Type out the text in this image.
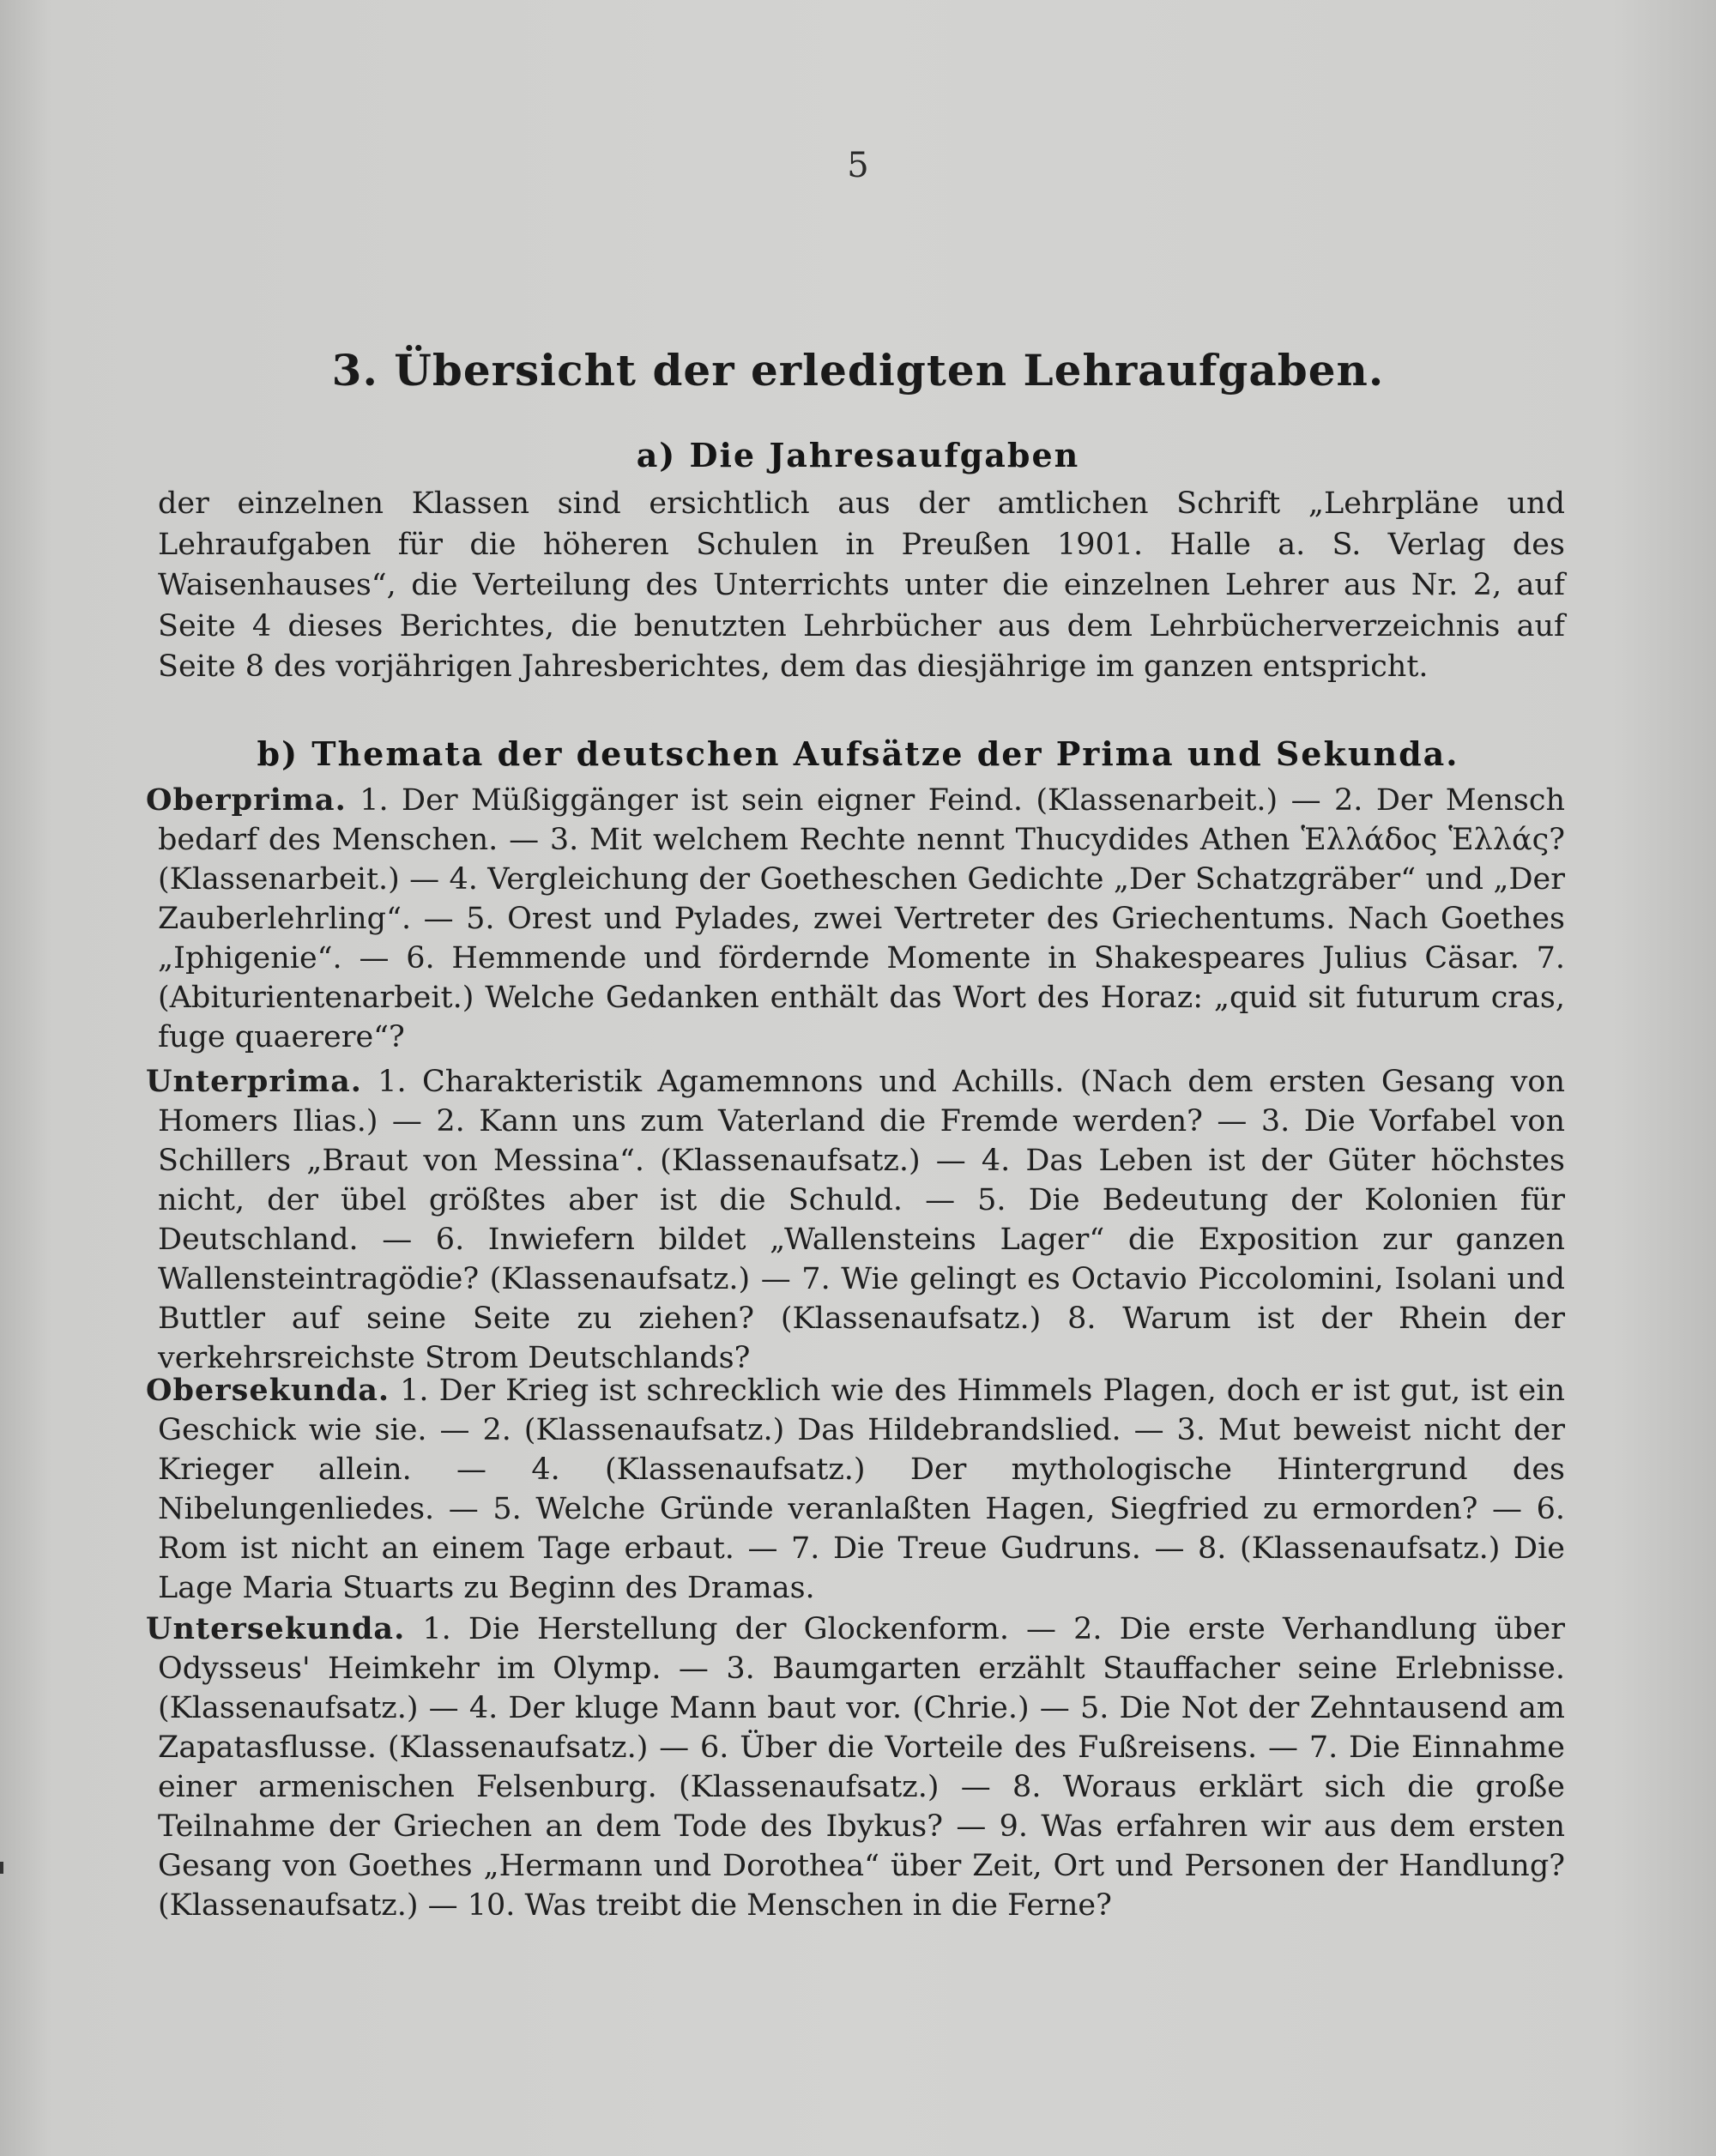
5
3. Übersicht der erledigten Lehraufgaben.
a) Die Jahresaufgaben
der einzelnen Klassen sind ersichtlich aus der amtlichen Schrift „Lehrpläne und Lehraufgaben für die höheren Schulen in Preußen 1901. Halle a. S. Verlag des Waisenhauses“, die Verteilung des Unterrichts unter die einzelnen Lehrer aus Nr. 2, auf Seite 4 dieses Berichtes, die benutzten Lehrbücher aus dem Lehrbücherverzeichnis auf Seite 8 des vorjährigen Jahresberichtes, dem das diesjährige im ganzen entspricht.
b) Themata der deutschen Aufsätze der Prima und Sekunda.
Oberprima. 1. Der Müßiggänger ist sein eigner Feind. (Klassenarbeit.) — 2. Der Mensch bedarf des Menschen. — 3. Mit welchem Rechte nennt Thucydides Athen Ἑλλάδος Ἑλλάς? (Klassenarbeit.) — 4. Vergleichung der Goetheschen Gedichte „Der Schatzgräber“ und „Der Zauberlehrling“. — 5. Orest und Pylades, zwei Vertreter des Griechentums. Nach Goethes „Iphigenie“. — 6. Hemmende und fördernde Momente in Shakespeares Julius Cäsar. 7. (Abiturientenarbeit.) Welche Gedanken enthält das Wort des Horaz: „quid sit futurum cras, fuge quaerere“?
Unterprima. 1. Charakteristik Agamemnons und Achills. (Nach dem ersten Gesang von Homers Ilias.) — 2. Kann uns zum Vaterland die Fremde werden? — 3. Die Vorfabel von Schillers „Braut von Messina“. (Klassenaufsatz.) — 4. Das Leben ist der Güter höchstes nicht, der übel größtes aber ist die Schuld. — 5. Die Bedeutung der Kolonien für Deutschland. — 6. Inwiefern bildet „Wallensteins Lager“ die Exposition zur ganzen Wallensteintragödie? (Klassenaufsatz.) — 7. Wie gelingt es Octavio Piccolomini, Isolani und Buttler auf seine Seite zu ziehen? (Klassenaufsatz.) 8. Warum ist der Rhein der verkehrsreichste Strom Deutschlands?
Obersekunda. 1. Der Krieg ist schrecklich wie des Himmels Plagen, doch er ist gut, ist ein Geschick wie sie. — 2. (Klassenaufsatz.) Das Hildebrandslied. — 3. Mut beweist nicht der Krieger allein. — 4. (Klassenaufsatz.) Der mythologische Hintergrund des Nibelungenliedes. — 5. Welche Gründe veranlaßten Hagen, Siegfried zu ermorden? — 6. Rom ist nicht an einem Tage erbaut. — 7. Die Treue Gudruns. — 8. (Klassenaufsatz.) Die Lage Maria Stuarts zu Beginn des Dramas.
Untersekunda. 1. Die Herstellung der Glockenform. — 2. Die erste Verhandlung über Odysseus' Heimkehr im Olymp. — 3. Baumgarten erzählt Stauffacher seine Erlebnisse. (Klassenaufsatz.) — 4. Der kluge Mann baut vor. (Chrie.) — 5. Die Not der Zehntausend am Zapatasflusse. (Klassenaufsatz.) — 6. Über die Vorteile des Fußreisens. — 7. Die Einnahme einer armenischen Felsenburg. (Klassenaufsatz.) — 8. Woraus erklärt sich die große Teilnahme der Griechen an dem Tode des Ibykus? — 9. Was erfahren wir aus dem ersten Gesang von Goethes „Hermann und Dorothea“ über Zeit, Ort und Personen der Handlung? (Klassenaufsatz.) — 10. Was treibt die Menschen in die Ferne?
